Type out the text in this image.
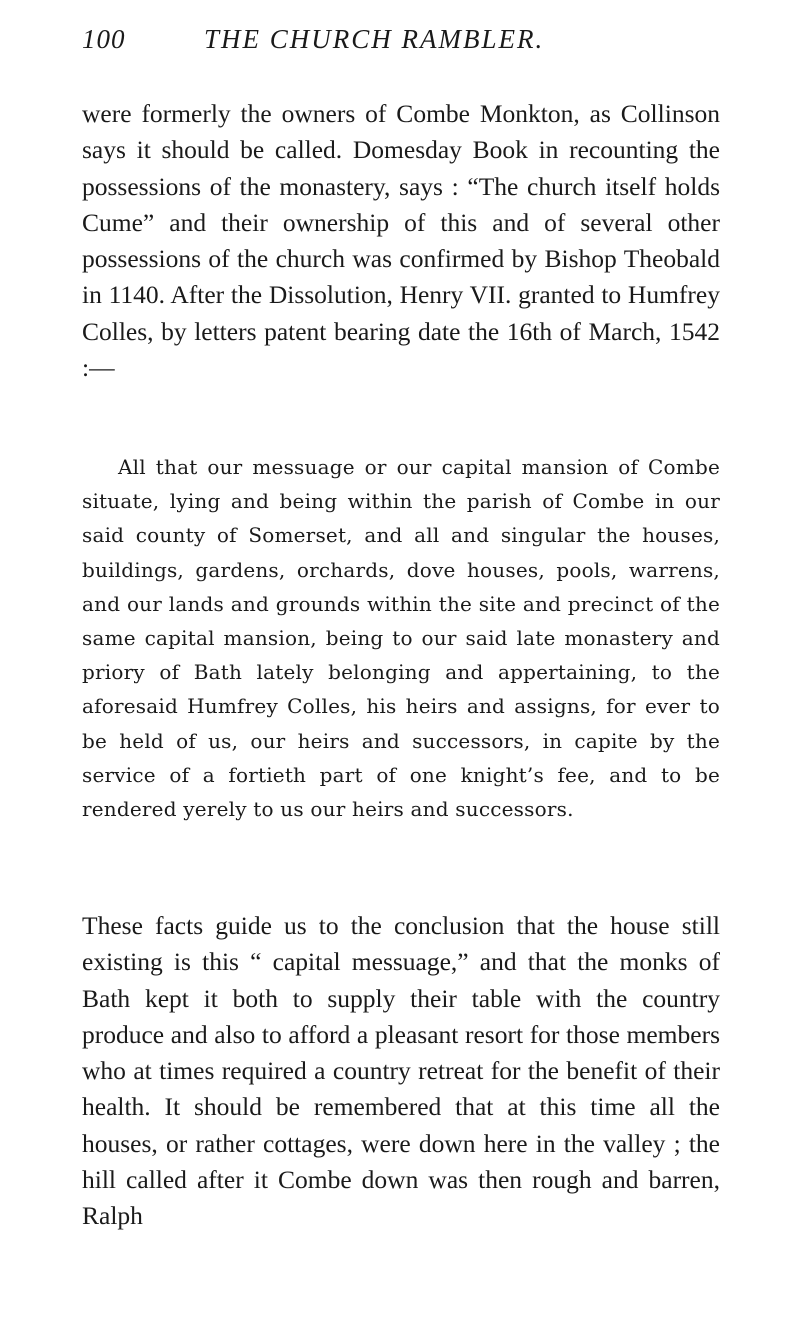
100	THE CHURCH RAMBLER.

were formerly the owners of Combe Monkton, as Collinson says it should be called. Domesday Book in recounting the possessions of the monastery, says : “The church itself holds Cume” and their ownership of this and of several other possessions of the church was confirmed by Bishop Theobald in 1140. After the Dissolution, Henry VII. granted to Humfrey Colles, by letters patent bearing date the 16th of March, 1542 :—

All that our messuage or our capital mansion of Combe situate, lying and being within the parish of Combe in our said county of Somerset, and all and singular the houses, buildings, gardens, orchards, dove houses, pools, warrens, and our lands and grounds within the site and precinct of the same capital mansion, being to our said late monastery and priory of Bath lately belonging and appertaining, to the aforesaid Humfrey Colles, his heirs and assigns, for ever to be held of us, our heirs and successors, in capite by the service of a fortieth part of one knight’s fee, and to be rendered yerely to us our heirs and successors.

These facts guide us to the conclusion that the house still existing is this “ capital messuage,” and that the monks of Bath kept it both to supply their table with the country produce and also to afford a pleasant resort for those members who at times required a country retreat for the benefit of their health. It should be remembered that at this time all the houses, or rather cottages, were down here in the valley ; the hill called after it Combe down was then rough and barren, Ralph
